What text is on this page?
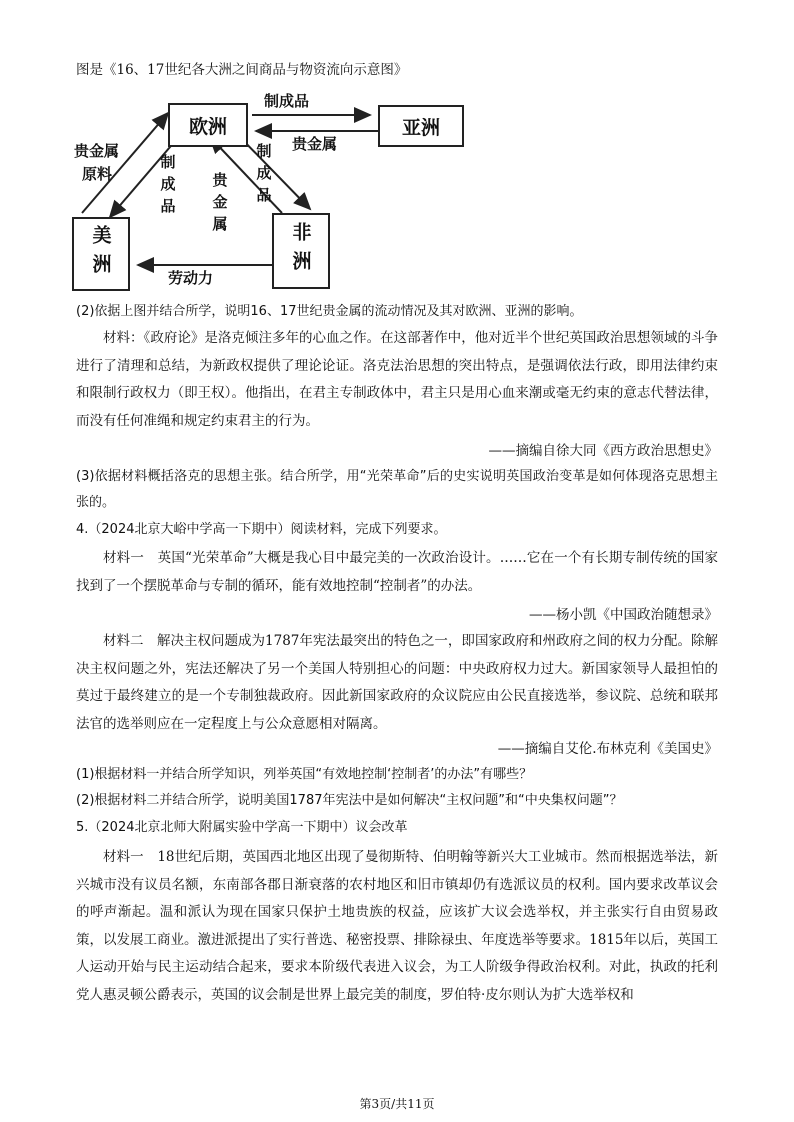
图是《16、17世纪各大洲之间商品与物资流向示意图》
欧洲	亚洲
美洲	非洲
制成品
贵金属
贵金属
原料
制
成
品
贵
金
属
制
成
品
劳动力
(2)依据上图并结合所学，说明16、17世纪贵金属的流动情况及其对欧洲、亚洲的影响。
材料：《政府论》是洛克倾注多年的心血之作。在这部著作中，他对近半个世纪英国政治思想领域的斗争进行了清理和总结，为新政权提供了理论论证。洛克法治思想的突出特点，是强调依法行政，即用法律约束和限制行政权力（即王权）。他指出，在君主专制政体中，君主只是用心血来潮或毫无约束的意志代替法律，而没有任何准绳和规定约束君主的行为。
——摘编自徐大同《西方政治思想史》
(3)依据材料概括洛克的思想主张。结合所学，用“光荣革命”后的史实说明英国政治变革是如何体现洛克思想主张的。
4.（2024北京大峪中学高一下期中）阅读材料，完成下列要求。
材料一　英国“光荣革命”大概是我心目中最完美的一次政治设计。……它在一个有长期专制传统的国家找到了一个摆脱革命与专制的循环，能有效地控制“控制者”的办法。
——杨小凯《中国政治随想录》
材料二　解决主权问题成为1787年宪法最突出的特色之一，即国家政府和州政府之间的权力分配。除解决主权问题之外，宪法还解决了另一个美国人特别担心的问题：中央政府权力过大。新国家领导人最担怕的莫过于最终建立的是一个专制独裁政府。因此新国家政府的众议院应由公民直接选举，参议院、总统和联邦法官的选举则应在一定程度上与公众意愿相对隔离。
——摘编自艾伦.布林克利《美国史》
(1)根据材料一并结合所学知识，列举英国“有效地控制‘控制者’的办法”有哪些？
(2)根据材料二并结合所学，说明美国1787年宪法中是如何解决“主权问题”和“中央集权问题”？
5.（2024北京北师大附属实验中学高一下期中）议会改革
材料一　18世纪后期，英国西北地区出现了曼彻斯特、伯明翰等新兴大工业城市。然而根据选举法，新兴城市没有议员名额，东南部各郡日渐衰落的农村地区和旧市镇却仍有选派议员的权利。国内要求改革议会的呼声渐起。温和派认为现在国家只保护土地贵族的权益，应该扩大议会选举权，并主张实行自由贸易政策，以发展工商业。激进派提出了实行普选、秘密投票、排除禄虫、年度选举等要求。1815年以后，英国工人运动开始与民主运动结合起来，要求本阶级代表进入议会，为工人阶级争得政治权利。对此，执政的托利党人惠灵顿公爵表示，英国的议会制是世界上最完美的制度，罗伯特·皮尔则认为扩大选举权和
第3页/共11页
